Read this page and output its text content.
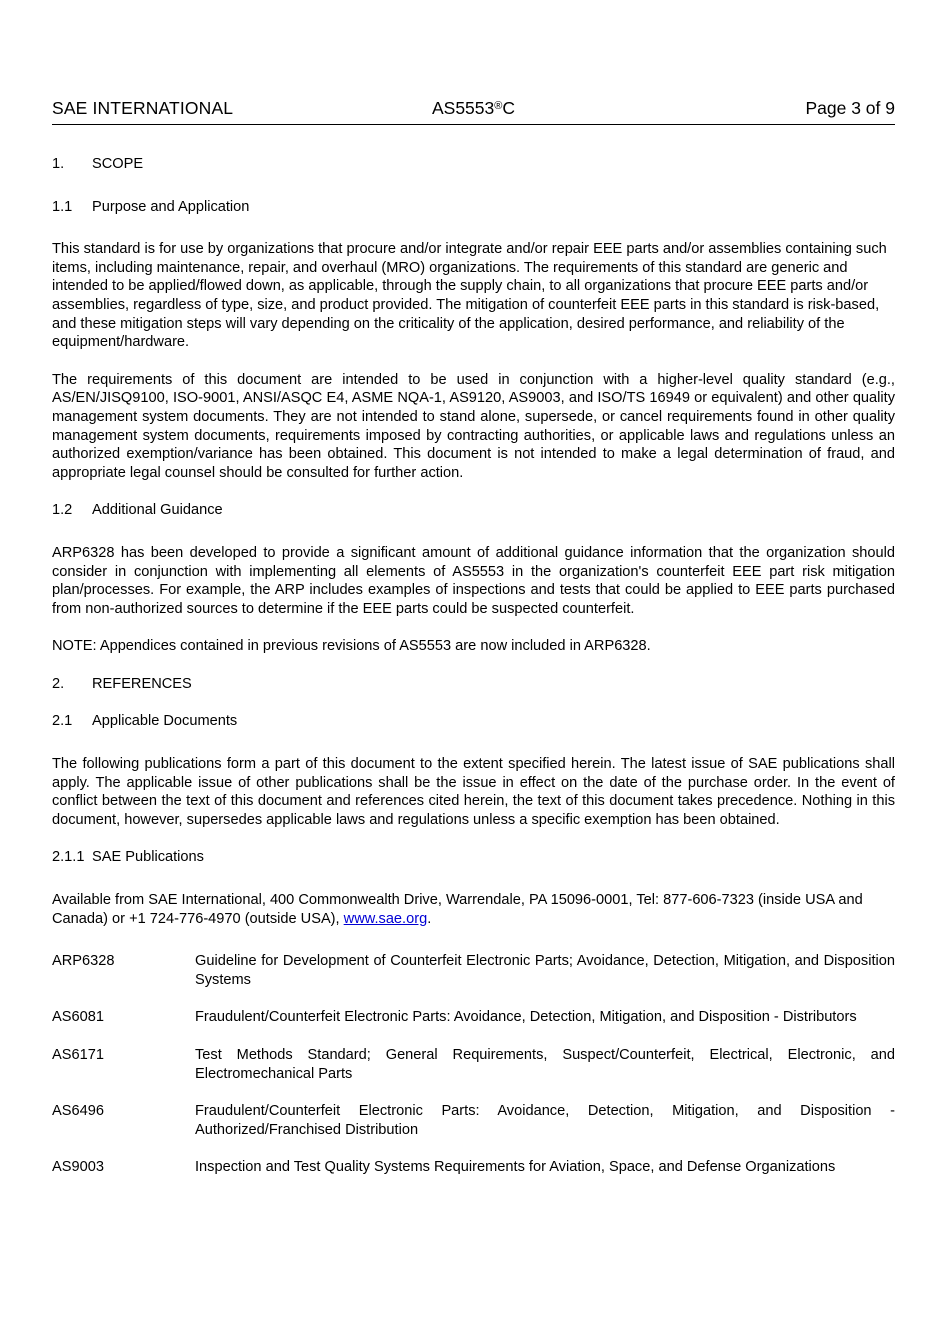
SAE INTERNATIONAL	AS5553®C	Page 3 of 9
1. SCOPE
1.1 Purpose and Application

This standard is for use by organizations that procure and/or integrate and/or repair EEE parts and/or assemblies containing such items, including maintenance, repair, and overhaul (MRO) organizations. The requirements of this standard are generic and intended to be applied/flowed down, as applicable, through the supply chain, to all organizations that procure EEE parts and/or assemblies, regardless of type, size, and product provided. The mitigation of counterfeit EEE parts in this standard is risk-based, and these mitigation steps will vary depending on the criticality of the application, desired performance, and reliability of the equipment/hardware.

The requirements of this document are intended to be used in conjunction with a higher-level quality standard (e.g., AS/EN/JISQ9100, ISO-9001, ANSI/ASQC E4, ASME NQA-1, AS9120, AS9003, and ISO/TS 16949 or equivalent) and other quality management system documents. They are not intended to stand alone, supersede, or cancel requirements found in other quality management system documents, requirements imposed by contracting authorities, or applicable laws and regulations unless an authorized exemption/variance has been obtained. This document is not intended to make a legal determination of fraud, and appropriate legal counsel should be consulted for further action.

1.2 Additional Guidance

ARP6328 has been developed to provide a significant amount of additional guidance information that the organization should consider in conjunction with implementing all elements of AS5553 in the organization's counterfeit EEE part risk mitigation plan/processes. For example, the ARP includes examples of inspections and tests that could be applied to EEE parts purchased from non-authorized sources to determine if the EEE parts could be suspected counterfeit.

NOTE: Appendices contained in previous revisions of AS5553 are now included in ARP6328.

2. REFERENCES
2.1 Applicable Documents

The following publications form a part of this document to the extent specified herein. The latest issue of SAE publications shall apply. The applicable issue of other publications shall be the issue in effect on the date of the purchase order. In the event of conflict between the text of this document and references cited herein, the text of this document takes precedence. Nothing in this document, however, supersedes applicable laws and regulations unless a specific exemption has been obtained.

2.1.1 SAE Publications

Available from SAE International, 400 Commonwealth Drive, Warrendale, PA 15096-0001, Tel: 877-606-7323 (inside USA and Canada) or +1 724-776-4970 (outside USA), www.sae.org.

ARP6328	Guideline for Development of Counterfeit Electronic Parts; Avoidance, Detection, Mitigation, and Disposition Systems
AS6081	Fraudulent/Counterfeit Electronic Parts: Avoidance, Detection, Mitigation, and Disposition - Distributors
AS6171	Test Methods Standard; General Requirements, Suspect/Counterfeit, Electrical, Electronic, and Electromechanical Parts
AS6496	Fraudulent/Counterfeit Electronic Parts: Avoidance, Detection, Mitigation, and Disposition - Authorized/Franchised Distribution
AS9003	Inspection and Test Quality Systems Requirements for Aviation, Space, and Defense Organizations
